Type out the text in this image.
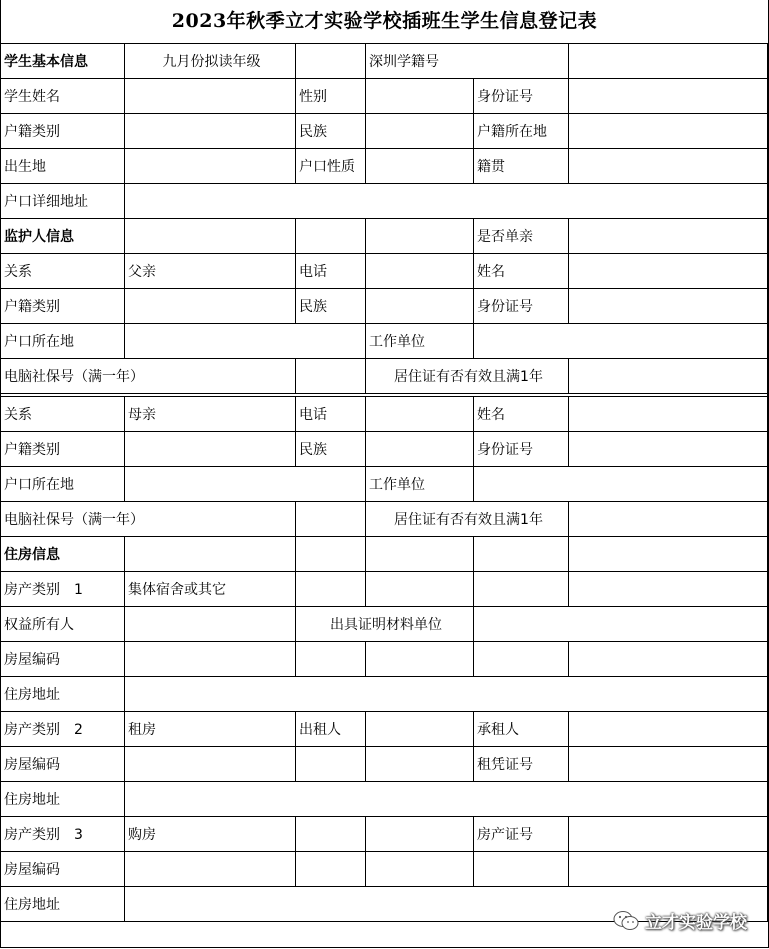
2023年秋季立才实验学校插班生学生信息登记表
学生基本信息	九月份拟读年级		深圳学籍号		
学生姓名		性别		身份证号	
户籍类别		民族		户籍所在地	
出生地		户口性质		籍贯	
户口详细地址					
监护人信息				是否单亲	
关系	父亲	电话		姓名	
户籍类别		民族		身份证号	
户口所在地			工作单位		
电脑社保号（满一年）			居住证有否有效且满1年		

关系	母亲	电话		姓名	
户籍类别		民族		身份证号	
户口所在地			工作单位		
电脑社保号（满一年）			居住证有否有效且满1年		
住房信息					
房产类别　1	集体宿舍或其它				
权益所有人		出具证明材料单位			
房屋编码					
住房地址					
房产类别　2	租房	出租人		承租人	
房屋编码				租凭证号	
住房地址					
房产类别　3	购房			房产证号	
房屋编码					
住房地址					
立才实验学校
